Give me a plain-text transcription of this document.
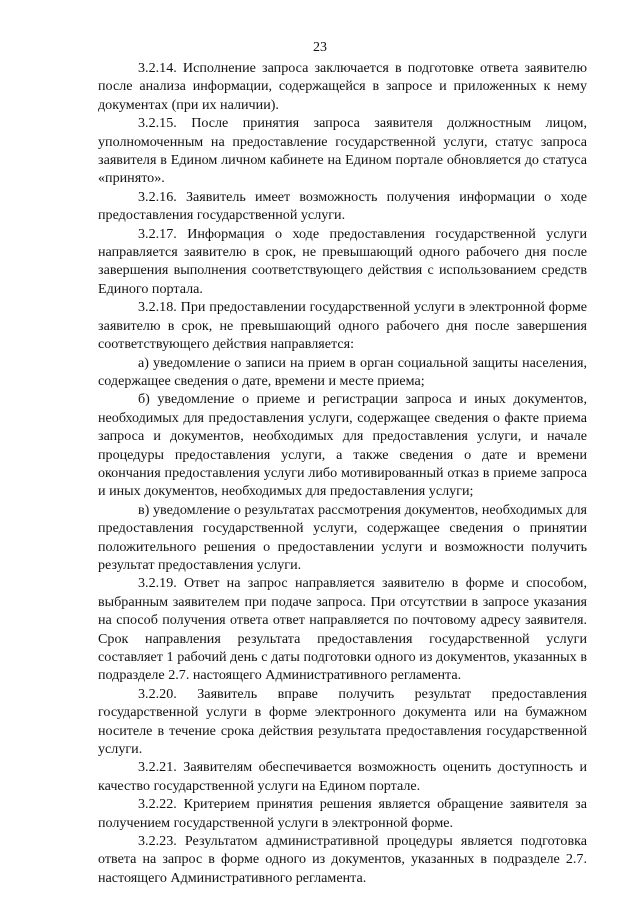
23

3.2.14. Исполнение запроса заключается в подготовке ответа заявителю после анализа информации, содержащейся в запросе и приложенных к нему документах (при их наличии).

3.2.15. После принятия запроса заявителя должностным лицом, уполномоченным на предоставление государственной услуги, статус запроса заявителя в Едином личном кабинете на Едином портале обновляется до статуса «принято».

3.2.16. Заявитель имеет возможность получения информации о ходе предоставления государственной услуги.

3.2.17. Информация о ходе предоставления государственной услуги направляется заявителю в срок, не превышающий одного рабочего дня после завершения выполнения соответствующего действия с использованием средств Единого портала.

3.2.18. При предоставлении государственной услуги в электронной форме заявителю в срок, не превышающий одного рабочего дня после завершения соответствующего действия направляется:

а) уведомление о записи на прием в орган социальной защиты населения, содержащее сведения о дате, времени и месте приема;

б) уведомление о приеме и регистрации запроса и иных документов, необходимых для предоставления услуги, содержащее сведения о факте приема запроса и документов, необходимых для предоставления услуги, и начале процедуры предоставления услуги, а также сведения о дате и времени окончания предоставления услуги либо мотивированный отказ в приеме запроса и иных документов, необходимых для предоставления услуги;

в) уведомление о результатах рассмотрения документов, необходимых для предоставления государственной услуги, содержащее сведения о принятии положительного решения о предоставлении услуги и возможности получить результат предоставления услуги.

3.2.19. Ответ на запрос направляется заявителю в форме и способом, выбранным заявителем при подаче запроса. При отсутствии в запросе указания на способ получения ответа ответ направляется по почтовому адресу заявителя. Срок направления результата предоставления государственной услуги составляет 1 рабочий день с даты подготовки одного из документов, указанных в подразделе 2.7. настоящего Административного регламента.

3.2.20. Заявитель вправе получить результат предоставления государственной услуги в форме электронного документа или на бумажном носителе в течение срока действия результата предоставления государственной услуги.

3.2.21. Заявителям обеспечивается возможность оценить доступность и качество государственной услуги на Едином портале.

3.2.22. Критерием принятия решения является обращение заявителя за получением государственной услуги в электронной форме.

3.2.23. Результатом административной процедуры является подготовка ответа на запрос в форме одного из документов, указанных в подразделе 2.7. настоящего Административного регламента.
